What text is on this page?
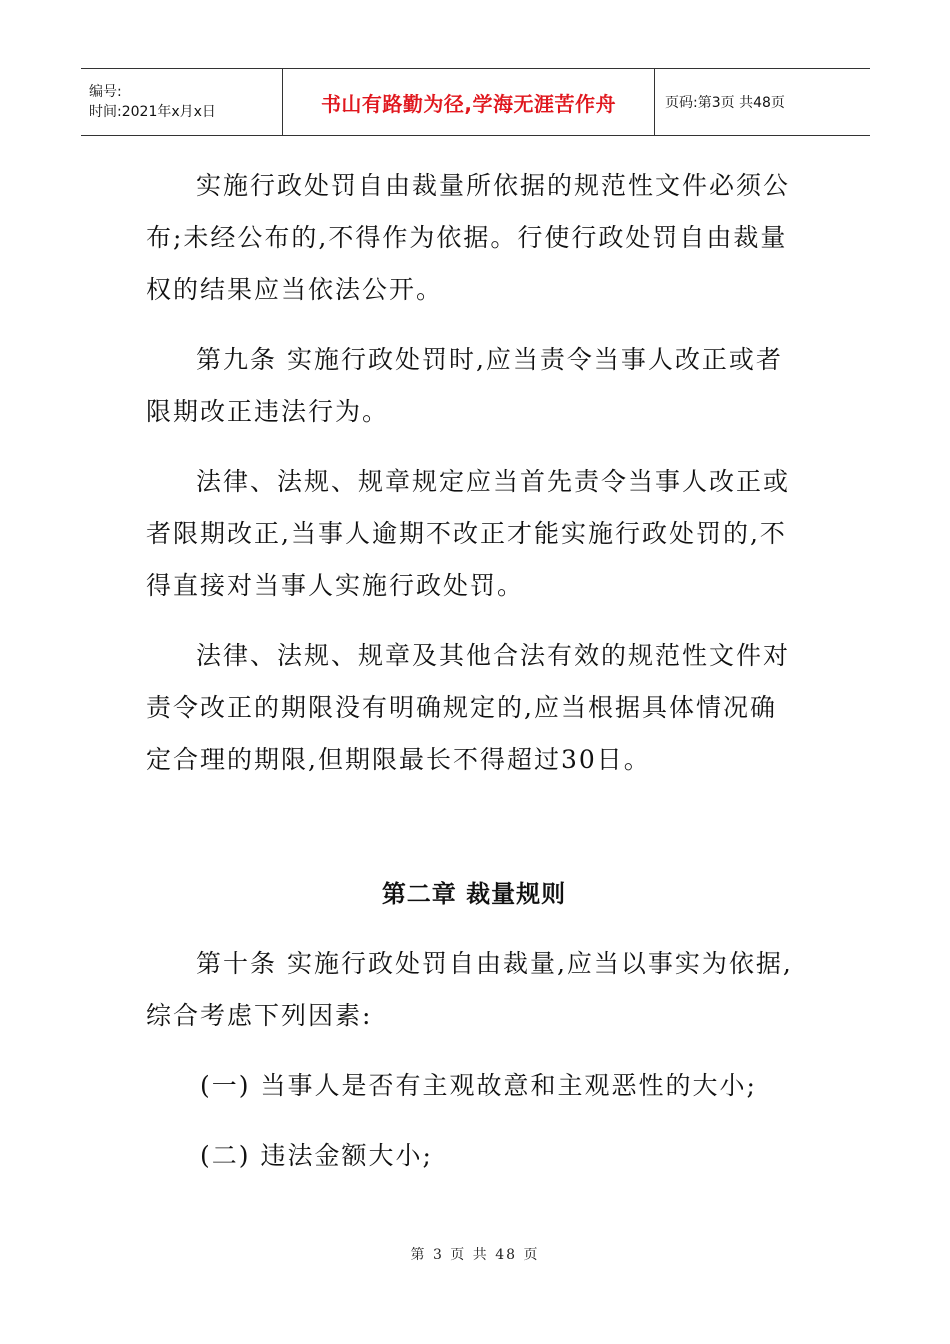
编号:
时间:2021年x月x日	书山有路勤为径,学海无涯苦作舟	页码:第3页 共48页

实施行政处罚自由裁量所依据的规范性文件必须公布;未经公布的,不得作为依据。行使行政处罚自由裁量权的结果应当依法公开。

第九条 实施行政处罚时,应当责令当事人改正或者限期改正违法行为。

法律、法规、规章规定应当首先责令当事人改正或者限期改正,当事人逾期不改正才能实施行政处罚的,不得直接对当事人实施行政处罚。

法律、法规、规章及其他合法有效的规范性文件对责令改正的期限没有明确规定的,应当根据具体情况确定合理的期限,但期限最长不得超过30日。

第二章 裁量规则

第十条 实施行政处罚自由裁量,应当以事实为依据,综合考虑下列因素:

(一) 当事人是否有主观故意和主观恶性的大小;

(二) 违法金额大小;

第 3 页 共 48 页
